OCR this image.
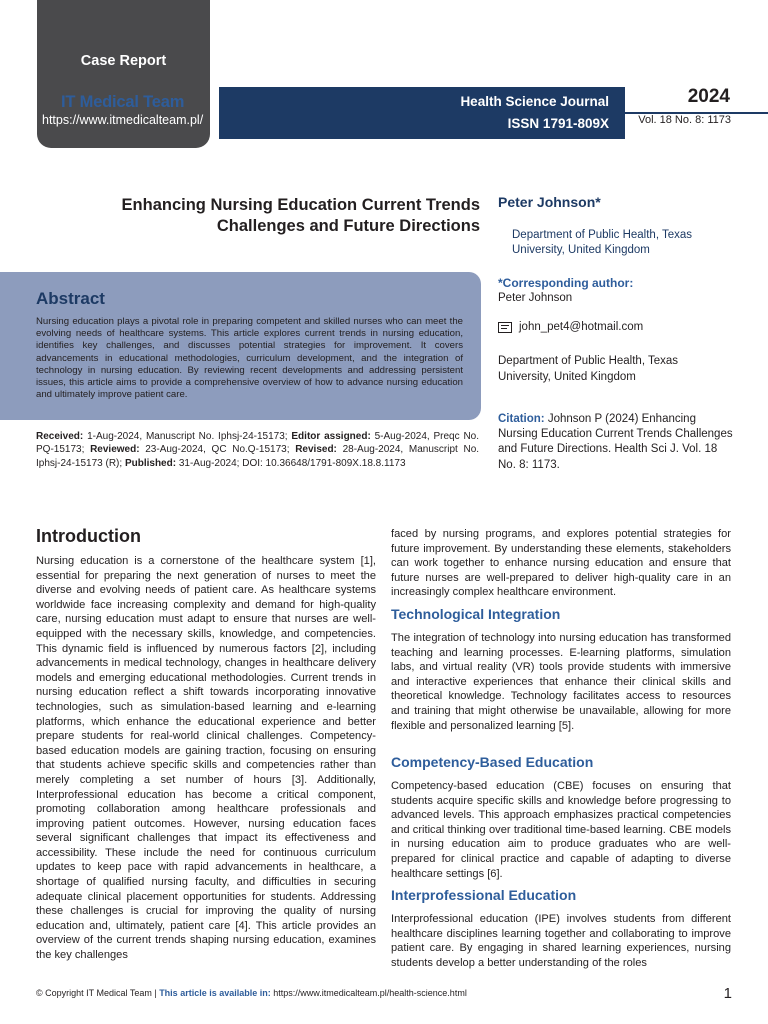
Case Report
IT Medical Team
https://www.itmedicalteam.pl/
Health Science Journal
ISSN 1791-809X
2024
Vol. 18 No. 8: 1173
Enhancing Nursing Education Current Trends Challenges and Future Directions
Peter Johnson*
Department of Public Health, Texas University, United Kingdom
*Corresponding author:
Peter Johnson
john_pet4@hotmail.com
Department of Public Health, Texas University, United Kingdom
Citation: Johnson P (2024) Enhancing Nursing Education Current Trends Challenges and Future Directions. Health Sci J. Vol. 18 No. 8: 1173.
Abstract
Nursing education plays a pivotal role in preparing competent and skilled nurses who can meet the evolving needs of healthcare systems. This article explores current trends in nursing education, identifies key challenges, and discusses potential strategies for improvement. It covers advancements in educational methodologies, curriculum development, and the integration of technology in nursing education. By reviewing recent developments and addressing persistent issues, this article aims to provide a comprehensive overview of how to advance nursing education and ultimately improve patient care.
Received: 1-Aug-2024, Manuscript No. Iphsj-24-15173; Editor assigned: 5-Aug-2024, Preqc No. PQ-15173; Reviewed: 23-Aug-2024, QC No.Q-15173; Revised: 28-Aug-2024, Manuscript No. Iphsj-24-15173 (R); Published: 31-Aug-2024; DOI: 10.36648/1791-809X.18.8.1173
Introduction
Nursing education is a cornerstone of the healthcare system [1], essential for preparing the next generation of nurses to meet the diverse and evolving needs of patient care. As healthcare systems worldwide face increasing complexity and demand for high-quality care, nursing education must adapt to ensure that nurses are well-equipped with the necessary skills, knowledge, and competencies. This dynamic field is influenced by numerous factors [2], including advancements in medical technology, changes in healthcare delivery models and emerging educational methodologies. Current trends in nursing education reflect a shift towards incorporating innovative technologies, such as simulation-based learning and e-learning platforms, which enhance the educational experience and better prepare students for real-world clinical challenges. Competency-based education models are gaining traction, focusing on ensuring that students achieve specific skills and competencies rather than merely completing a set number of hours [3]. Additionally, Interprofessional education has become a critical component, promoting collaboration among healthcare professionals and improving patient outcomes. However, nursing education faces several significant challenges that impact its effectiveness and accessibility. These include the need for continuous curriculum updates to keep pace with rapid advancements in healthcare, a shortage of qualified nursing faculty, and difficulties in securing adequate clinical placement opportunities for students. Addressing these challenges is crucial for improving the quality of nursing education and, ultimately, patient care [4]. This article provides an overview of the current trends shaping nursing education, examines the key challenges
faced by nursing programs, and explores potential strategies for future improvement. By understanding these elements, stakeholders can work together to enhance nursing education and ensure that future nurses are well-prepared to deliver high-quality care in an increasingly complex healthcare environment.
Technological Integration
The integration of technology into nursing education has transformed teaching and learning processes. E-learning platforms, simulation labs, and virtual reality (VR) tools provide students with immersive and interactive experiences that enhance their clinical skills and theoretical knowledge. Technology facilitates access to resources and training that might otherwise be unavailable, allowing for more flexible and personalized learning [5].
Competency-Based Education
Competency-based education (CBE) focuses on ensuring that students acquire specific skills and knowledge before progressing to advanced levels. This approach emphasizes practical competencies and critical thinking over traditional time-based learning. CBE models in nursing education aim to produce graduates who are well-prepared for clinical practice and capable of adapting to diverse healthcare settings [6].
Interprofessional Education
Interprofessional education (IPE) involves students from different healthcare disciplines learning together and collaborating to improve patient care. By engaging in shared learning experiences, nursing students develop a better understanding of the roles
© Copyright IT Medical Team | This article is available in: https://www.itmedicalteam.pl/health-science.html	1
